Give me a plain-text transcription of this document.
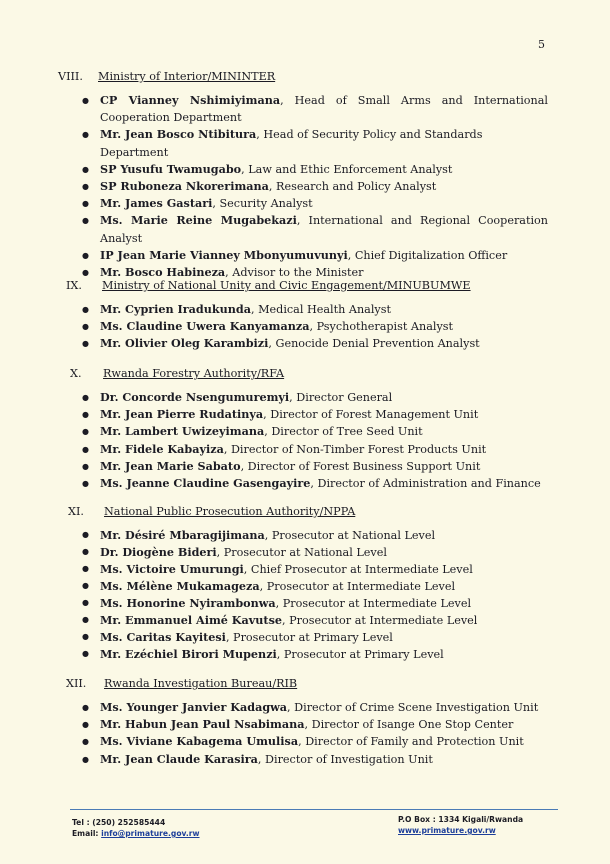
5
VIII. Ministry of Interior/MININTER
● CP Vianney Nshimiyimana, Head of Small Arms and International Cooperation Department
● Mr. Jean Bosco Ntibitura, Head of Security Policy and Standards Department
● SP Yusufu Twamugabo, Law and Ethic Enforcement Analyst
● SP Ruboneza Nkorerimana, Research and Policy Analyst
● Mr. James Gastari, Security Analyst
● Ms. Marie Reine Mugabekazi, International and Regional Cooperation Analyst
● IP Jean Marie Vianney Mbonyumuvunyi, Chief Digitalization Officer
● Mr. Bosco Habineza, Advisor to the Minister
IX. Ministry of National Unity and Civic Engagement/MINUBUMWE
● Mr. Cyprien Iradukunda, Medical Health Analyst
● Ms. Claudine Uwera Kanyamanza, Psychotherapist Analyst
● Mr. Olivier Oleg Karambizi, Genocide Denial Prevention Analyst
X. Rwanda Forestry Authority/RFA
● Dr. Concorde Nsengumuremyi, Director General
● Mr. Jean Pierre Rudatinya, Director of Forest Management Unit
● Mr. Lambert Uwizeyimana, Director of Tree Seed Unit
● Mr. Fidele Kabayiza, Director of Non-Timber Forest Products Unit
● Mr. Jean Marie Sabato, Director of Forest Business Support Unit
● Ms. Jeanne Claudine Gasengayire, Director of Administration and Finance
XI. National Public Prosecution Authority/NPPA
● Mr. Désiré Mbaragijimana, Prosecutor at National Level
● Dr. Diogène Bideri, Prosecutor at National Level
● Ms. Victoire Umurungi, Chief Prosecutor at Intermediate Level
● Ms. Mélène Mukamageza, Prosecutor at Intermediate Level
● Ms. Honorine Nyirambonwa, Prosecutor at Intermediate Level
● Mr. Emmanuel Aimé Kavutse, Prosecutor at Intermediate Level
● Ms. Caritas Kayitesi, Prosecutor at Primary Level
● Mr. Ezéchiel Birori Mupenzi, Prosecutor at Primary Level
XII. Rwanda Investigation Bureau/RIB
● Ms. Younger Janvier Kadagwa, Director of Crime Scene Investigation Unit
● Mr. Habun Jean Paul Nsabimana, Director of Isange One Stop Center
● Ms. Viviane Kabagema Umulisa, Director of Family and Protection Unit
● Mr. Jean Claude Karasira, Director of Investigation Unit
Tel : (250) 252585444
Email: info@primature.gov.rw
P.O Box : 1334 Kigali/Rwanda
www.primature.gov.rw
